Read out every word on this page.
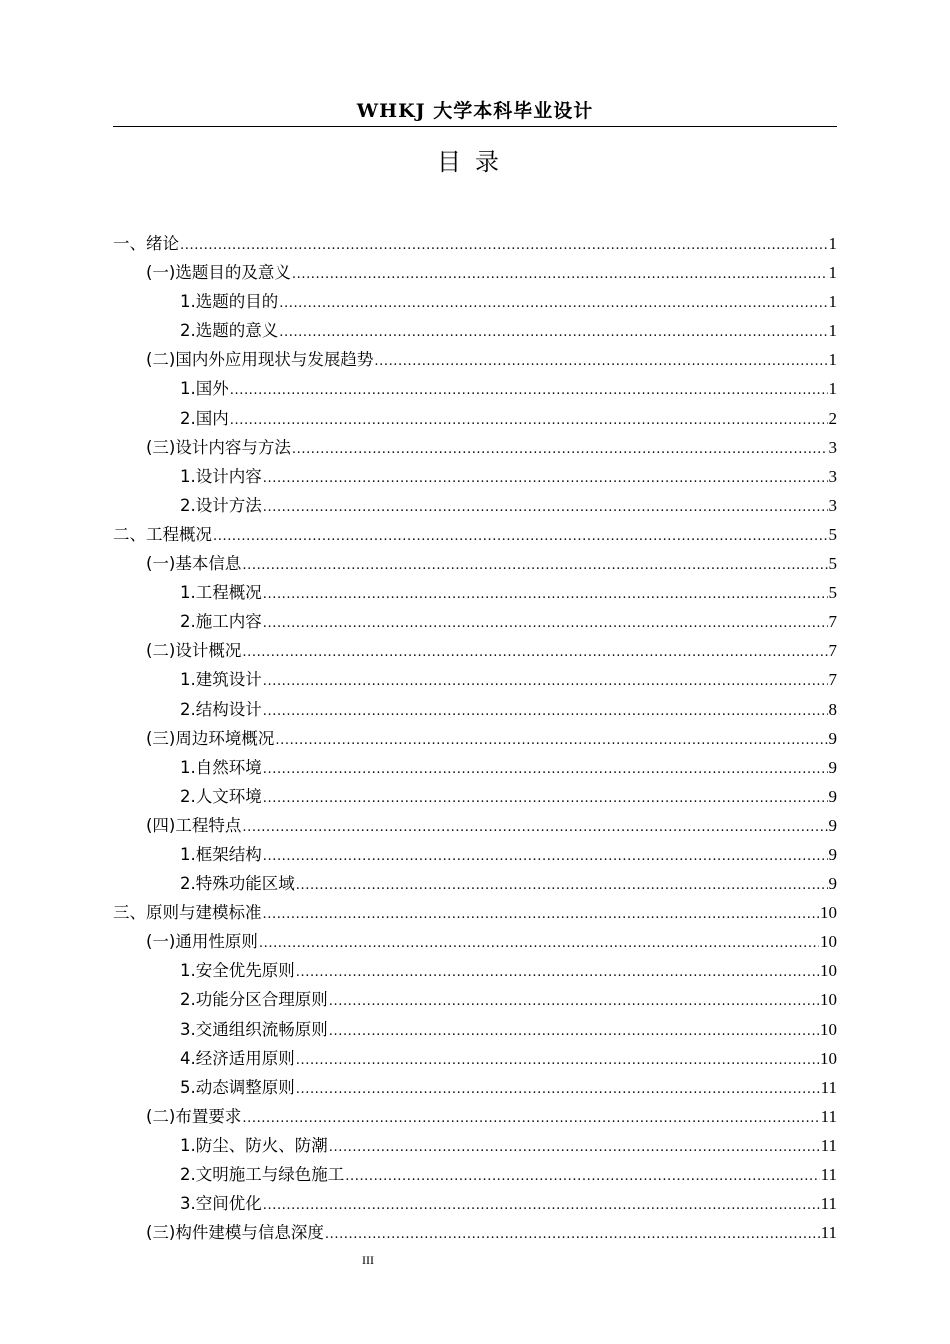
WHKJ 大学本科毕业设计
目录
一、绪论 .....	1
(一)选题目的及意义 .....	1
1.选题的目的 .....	1
2.选题的意义 .....	1
(二)国内外应用现状与发展趋势 .....	1
1.国外 .....	1
2.国内 .....	2
(三)设计内容与方法 .....	3
1.设计内容 .....	3
2.设计方法 .....	3
二、工程概况 .....	5
(一)基本信息 .....	5
1.工程概况 .....	5
2.施工内容 .....	7
(二)设计概况 .....	7
1.建筑设计 .....	7
2.结构设计 .....	8
(三)周边环境概况 .....	9
1.自然环境 .....	9
2.人文环境 .....	9
(四)工程特点 .....	9
1.框架结构 .....	9
2.特殊功能区域 .....	9
三、原则与建模标准 .....	10
(一)通用性原则 .....	10
1.安全优先原则 .....	10
2.功能分区合理原则 .....	10
3.交通组织流畅原则 .....	10
4.经济适用原则 .....	10
5.动态调整原则 .....	11
(二)布置要求 .....	11
1.防尘、防火、防潮 .....	11
2.文明施工与绿色施工 .....	11
3.空间优化 .....	11
(三)构件建模与信息深度 .....	11
III
